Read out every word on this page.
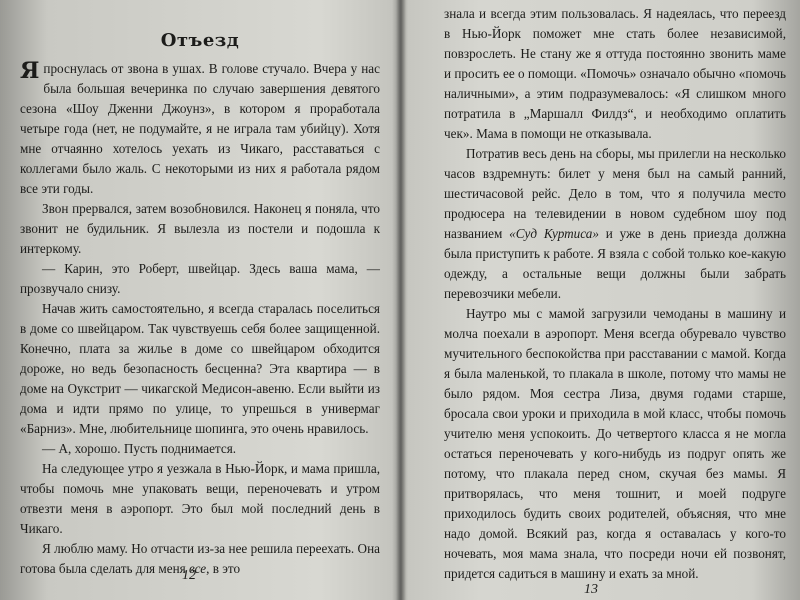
Отъезд

Я проснулась от звона в ушах. В голове стучало. Вчера у нас была большая вечеринка по случаю завершения девятого сезона «Шоу Дженни Джоунз», в котором я проработала четыре года (нет, не подумайте, я не играла там убийцу). Хотя мне отчаянно хотелось уехать из Чикаго, расставаться с коллегами было жаль. С некоторыми из них я работала рядом все эти годы.

Звон прервался, затем возобновился. Наконец я поняла, что звонит не будильник. Я вылезла из постели и подошла к интеркому.

— Карин, это Роберт, швейцар. Здесь ваша мама, — прозвучало снизу.

Начав жить самостоятельно, я всегда старалась поселиться в доме со швейцаром. Так чувствуешь себя более защищенной. Конечно, плата за жилье в доме со швейцаром обходится дороже, но ведь безопасность бесценна? Эта квартира — в доме на Оукстрит — чикагской Медисон-авеню. Если выйти из дома и идти прямо по улице, то упрешься в универмаг «Барниз». Мне, любительнице шопинга, это очень нравилось.

— А, хорошо. Пусть поднимается.

На следующее утро я уезжала в Нью-Йорк, и мама пришла, чтобы помочь мне упаковать вещи, переночевать и утром отвезти меня в аэропорт. Это был мой последний день в Чикаго.

Я люблю маму. Но отчасти из-за нее решила переехать. Она готова была сделать для меня все, в это

12

знала и всегда этим пользовалась. Я надеялась, что переезд в Нью-Йорк поможет мне стать более независимой, повзрослеть. Не стану же я оттуда постоянно звонить маме и просить ее о помощи. «Помочь» означало обычно «помочь наличными», а этим подразумевалось: «Я слишком много потратила в „Маршалл Филдз“, и необходимо оплатить чек». Мама в помощи не отказывала.

Потратив весь день на сборы, мы прилегли на несколько часов вздремнуть: билет у меня был на самый ранний, шестичасовой рейс. Дело в том, что я получила место продюсера на телевидении в новом судебном шоу под названием «Суд Куртиса» и уже в день приезда должна была приступить к работе. Я взяла с собой только кое-какую одежду, а остальные вещи должны были забрать перевозчики мебели.

Наутро мы с мамой загрузили чемоданы в машину и молча поехали в аэропорт. Меня всегда обуревало чувство мучительного беспокойства при расставании с мамой. Когда я была маленькой, то плакала в школе, потому что мамы не было рядом. Моя сестра Лиза, двумя годами старше, бросала свои уроки и приходила в мой класс, чтобы помочь учителю меня успокоить. До четвертого класса я не могла остаться переночевать у кого-нибудь из подруг опять же потому, что плакала перед сном, скучая без мамы. Я притворялась, что меня тошнит, и моей подруге приходилось будить своих родителей, объясняя, что мне надо домой. Всякий раз, когда я оставалась у кого-то ночевать, моя мама знала, что посреди ночи ей позвонят, придется садиться в машину и ехать за мной.

13
